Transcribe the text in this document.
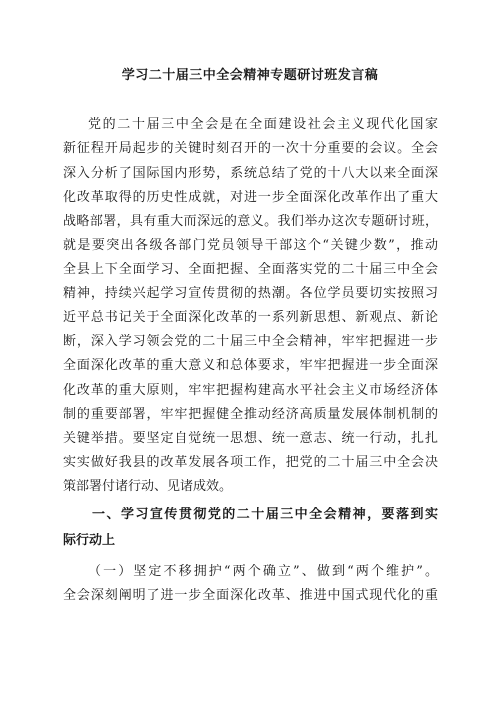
学习二十届三中全会精神专题研讨班发言稿
党的二十届三中全会是在全面建设社会主义现代化国家
新征程开局起步的关键时刻召开的一次十分重要的会议。全会
深入分析了国际国内形势，系统总结了党的十八大以来全面深
化改革取得的历史性成就，对进一步全面深化改革作出了重大
战略部署，具有重大而深远的意义。我们举办这次专题研讨班，
就是要突出各级各部门党员领导干部这个“关键少数”，推动
全县上下全面学习、全面把握、全面落实党的二十届三中全会
精神，持续兴起学习宣传贯彻的热潮。各位学员要切实按照习
近平总书记关于全面深化改革的一系列新思想、新观点、新论
断，深入学习领会党的二十届三中全会精神，牢牢把握进一步
全面深化改革的重大意义和总体要求，牢牢把握进一步全面深
化改革的重大原则，牢牢把握构建高水平社会主义市场经济体
制的重要部署，牢牢把握健全推动经济高质量发展体制机制的
关键举措。要坚定自觉统一思想、统一意志、统一行动，扎扎
实实做好我县的改革发展各项工作，把党的二十届三中全会决
策部署付诸行动、见诸成效。
一、学习宣传贯彻党的二十届三中全会精神，要落到实
际行动上
（一）坚定不移拥护“两个确立”、做到“两个维护”。
全会深刻阐明了进一步全面深化改革、推进中国式现代化的重
